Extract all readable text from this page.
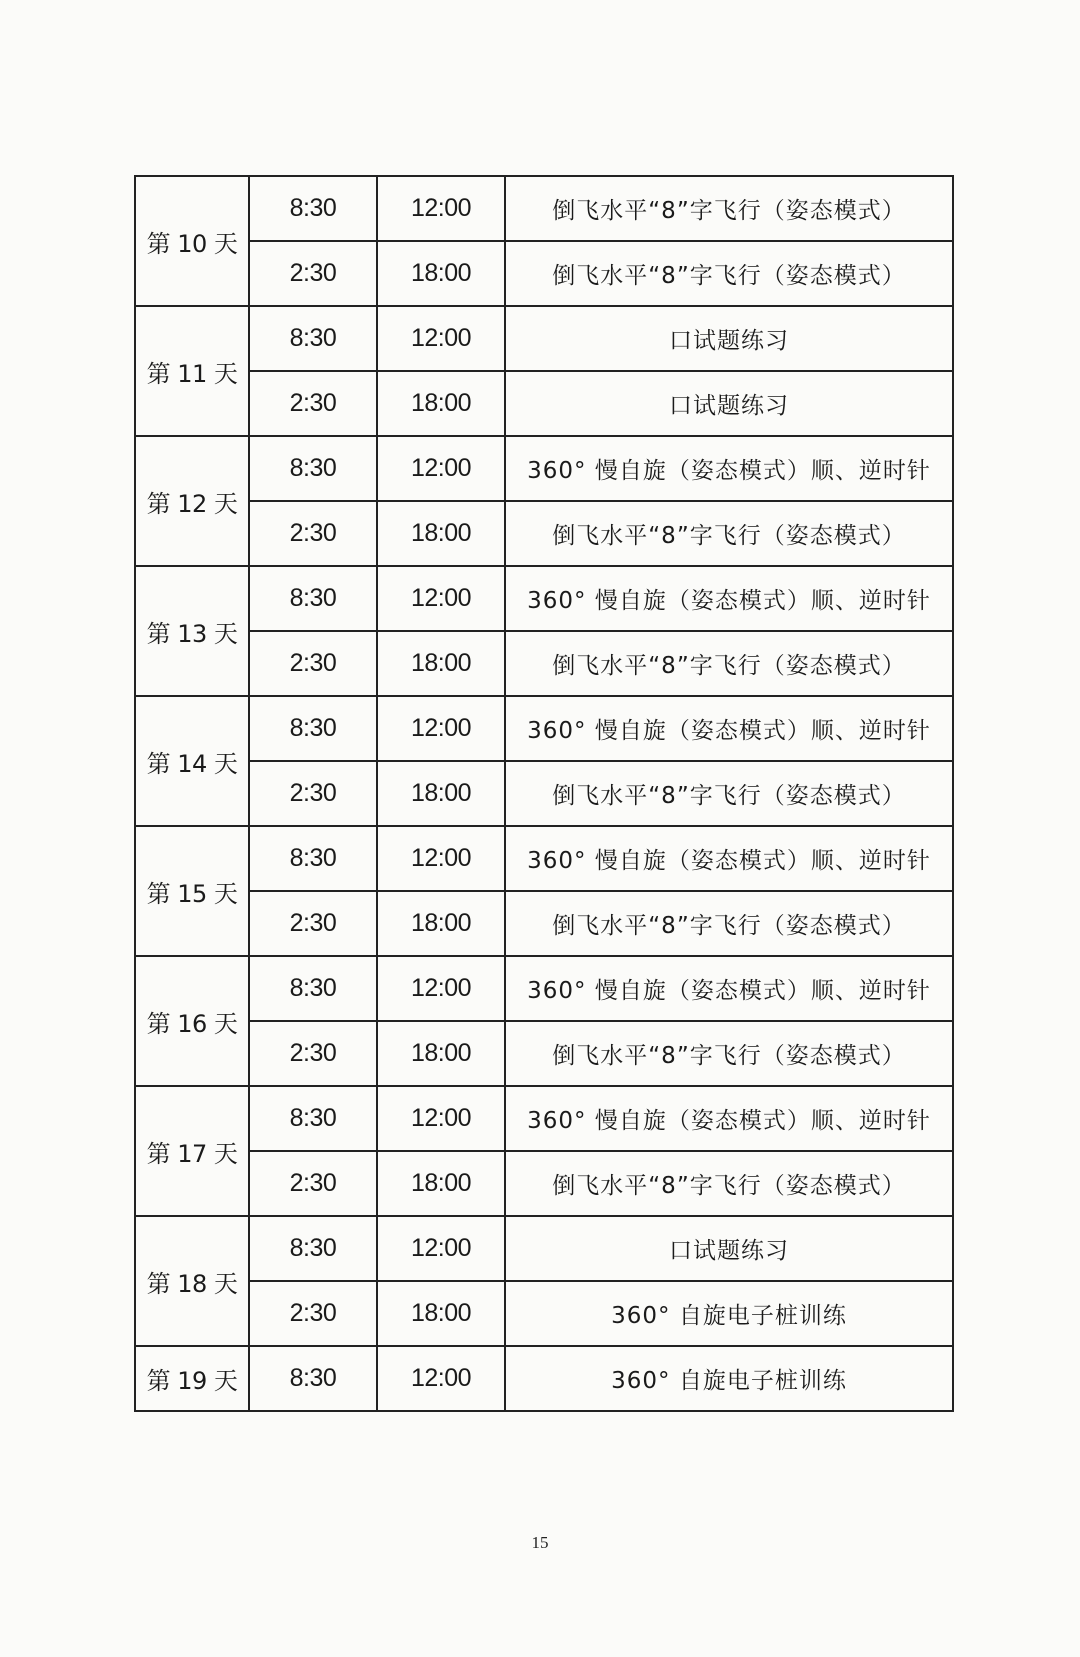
第 10 天	8:30	12:00	倒飞水平“8”字飞行（姿态模式）
	2:30	18:00	倒飞水平“8”字飞行（姿态模式）
第 11 天	8:30	12:00	口试题练习
	2:30	18:00	口试题练习
第 12 天	8:30	12:00	360° 慢自旋（姿态模式）顺、逆时针
	2:30	18:00	倒飞水平“8”字飞行（姿态模式）
第 13 天	8:30	12:00	360° 慢自旋（姿态模式）顺、逆时针
	2:30	18:00	倒飞水平“8”字飞行（姿态模式）
第 14 天	8:30	12:00	360° 慢自旋（姿态模式）顺、逆时针
	2:30	18:00	倒飞水平“8”字飞行（姿态模式）
第 15 天	8:30	12:00	360° 慢自旋（姿态模式）顺、逆时针
	2:30	18:00	倒飞水平“8”字飞行（姿态模式）
第 16 天	8:30	12:00	360° 慢自旋（姿态模式）顺、逆时针
	2:30	18:00	倒飞水平“8”字飞行（姿态模式）
第 17 天	8:30	12:00	360° 慢自旋（姿态模式）顺、逆时针
	2:30	18:00	倒飞水平“8”字飞行（姿态模式）
第 18 天	8:30	12:00	口试题练习
	2:30	18:00	360° 自旋电子桩训练
第 19 天	8:30	12:00	360° 自旋电子桩训练
15
